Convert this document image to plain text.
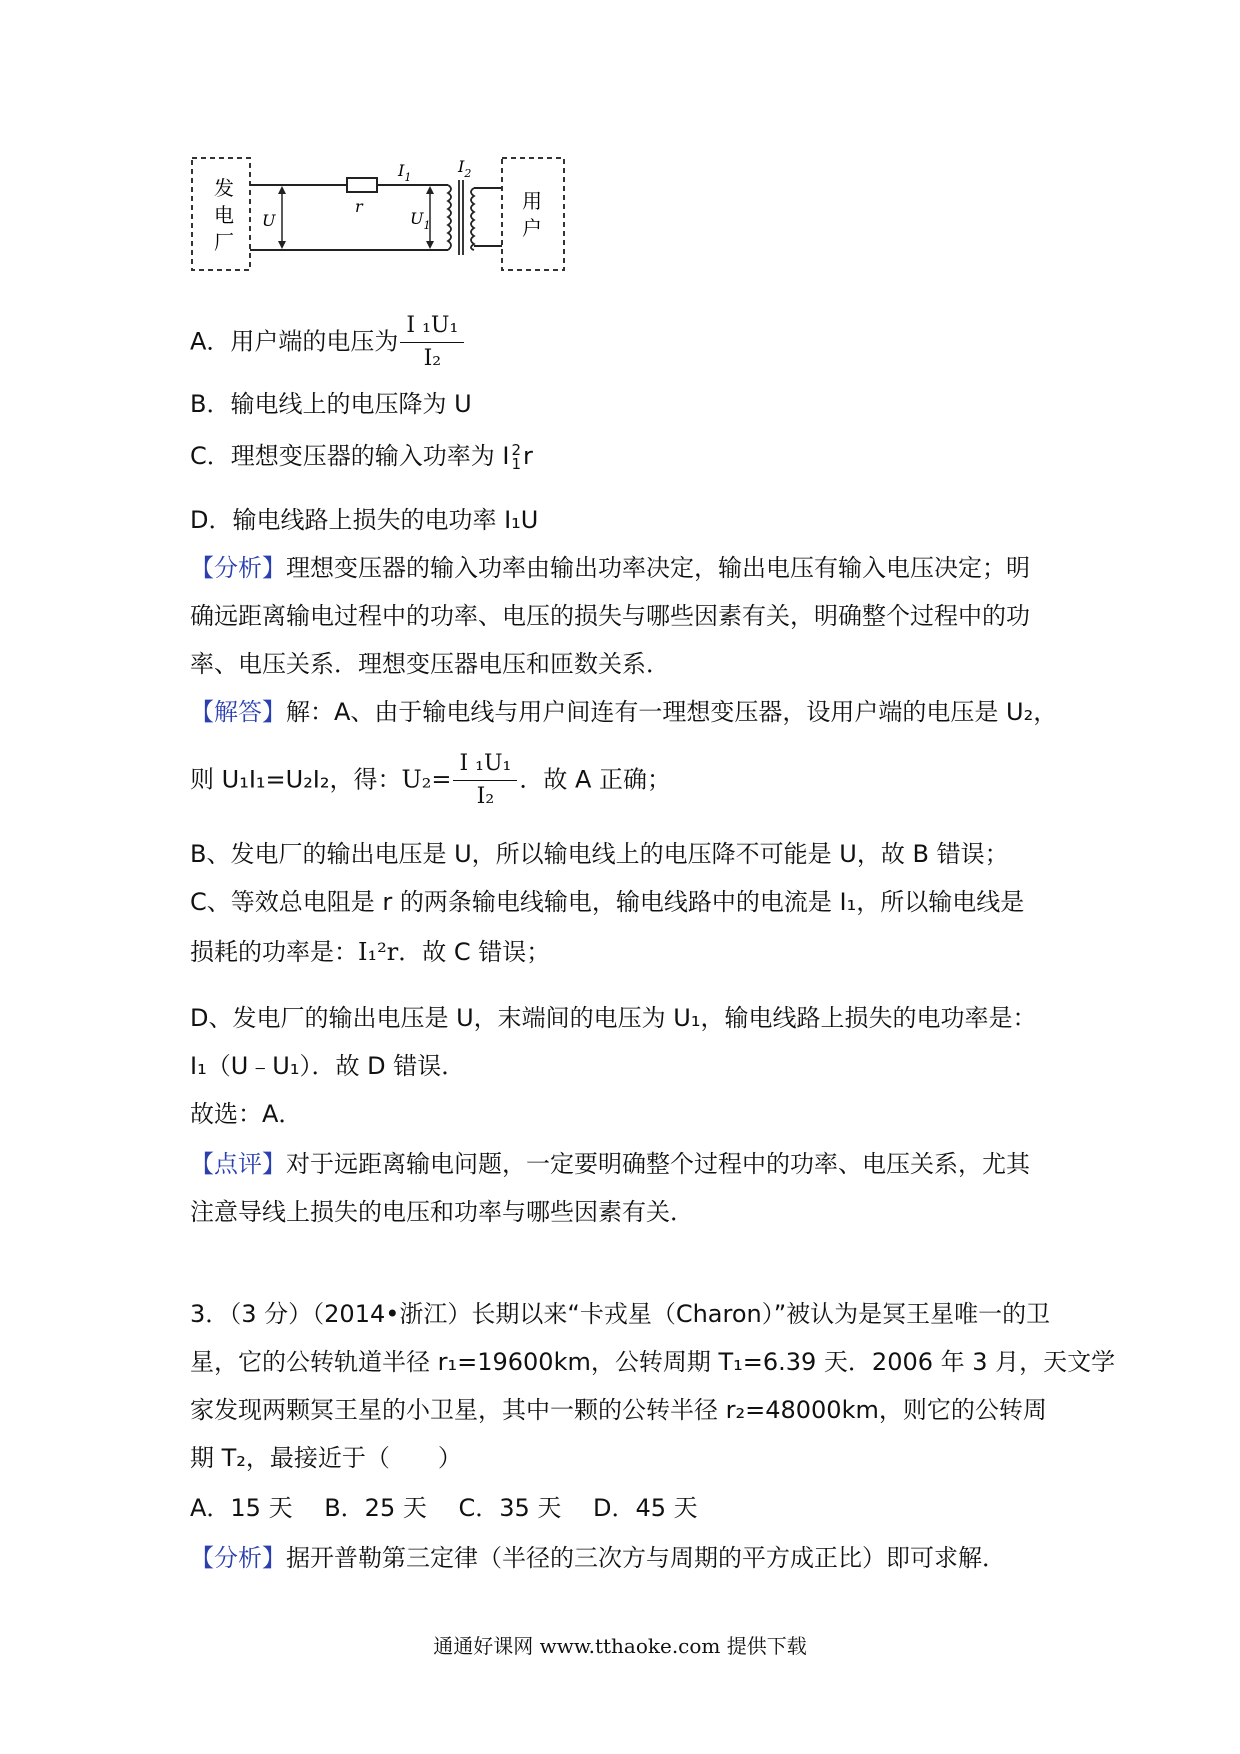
发
电
厂
r
U	$U_1$
$I_1$
$I_2$
用
户
A．用户端的电压为 $\frac{\text{I ₁U₁}}{\text{I₂}}$
B．输电线上的电压降为 U
C．理想变压器的输入功率为 I 2
1 r
D．输电线路上损失的电功率 I₁U
【分析】理想变压器的输入功率由输出功率决定，输出电压有输入电压决定；明
确远距离输电过程中的功率、电压的损失与哪些因素有关，明确整个过程中的功
率、电压关系．理想变压器电压和匝数关系．
【解答】解：A、由于输电线与用户间连有一理想变压器，设用户端的电压是 U₂，
则 U₁I₁=U₂I₂，得：$U_2= \frac{\text{I ₁U₁}}{\text{I₂}}$ ．故 A 正确；
B、发电厂的输出电压是 U，所以输电线上的电压降不可能是 U，故 B 错误；
C、等效总电阻是 r 的两条输电线输电，输电线路中的电流是 I₁，所以输电线是
损耗的功率是：I₁²r．故 C 错误；
D、发电厂的输出电压是 U，末端间的电压为 U₁，输电线路上损失的电功率是：
I₁（U﹣U₁）．故 D 错误．
故选：A．
【点评】对于远距离输电问题，一定要明确整个过程中的功率、电压关系，尤其
注意导线上损失的电压和功率与哪些因素有关．
3．（3 分）（2014•浙江）长期以来“卡戎星（Charon）”被认为是冥王星唯一的卫
星，它的公转轨道半径 r₁=19600km，公转周期 T₁=6.39 天．2006 年 3 月，天文学
家发现两颗冥王星的小卫星，其中一颗的公转半径 r₂=48000km，则它的公转周
期 T₂，最接近于（　　）
A．15 天　 B．25 天　 C．35 天　 D．45 天
【分析】据开普勒第三定律（半径的三次方与周期的平方成正比）即可求解．
通通好课网 www.tthaoke.com 提供下载
